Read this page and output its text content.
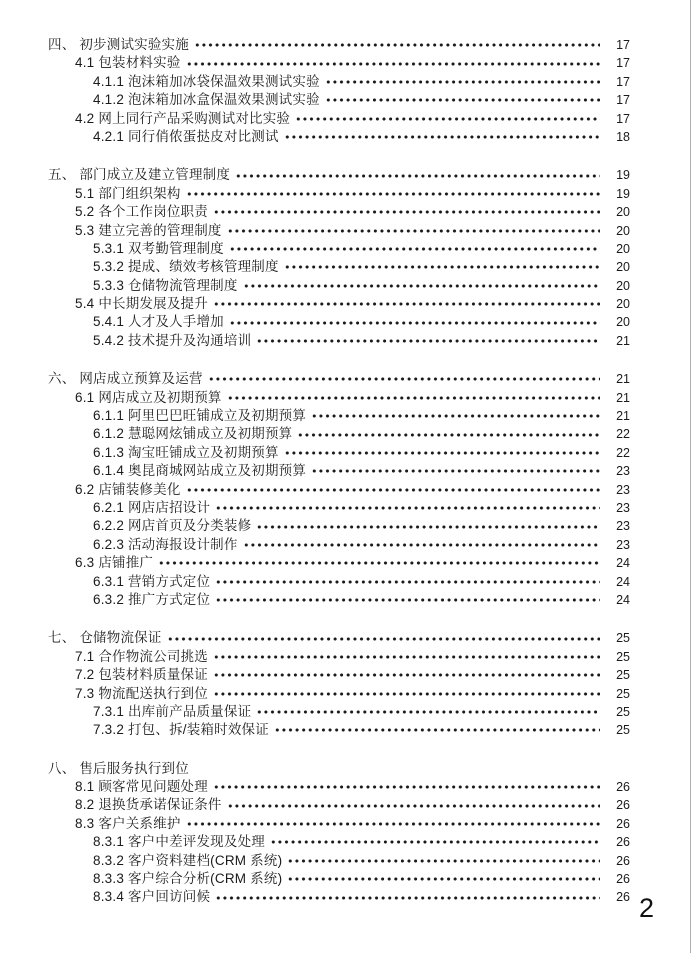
四、 初步测试实验实施	17
4.1 包装材料实验	17
4.1.1 泡沫箱加冰袋保温效果测试实验	17
4.1.2 泡沫箱加冰盒保温效果测试实验	17
4.2 网上同行产品采购测试对比实验	17
4.2.1 同行俏侬蛋挞皮对比测试	18
五、 部门成立及建立管理制度	19
5.1 部门组织架构	19
5.2 各个工作岗位职责	20
5.3 建立完善的管理制度	20
5.3.1 双考勤管理制度	20
5.3.2 提成、绩效考核管理制度	20
5.3.3 仓储物流管理制度	20
5.4 中长期发展及提升	20
5.4.1 人才及人手增加	20
5.4.2 技术提升及沟通培训	21
六、 网店成立预算及运营	21
6.1 网店成立及初期预算	21
6.1.1 阿里巴巴旺铺成立及初期预算	21
6.1.2 慧聪网炫铺成立及初期预算	22
6.1.3 淘宝旺铺成立及初期预算	22
6.1.4 奥昆商城网站成立及初期预算	23
6.2 店铺装修美化	23
6.2.1 网店店招设计	23
6.2.2 网店首页及分类装修	23
6.2.3 活动海报设计制作	23
6.3 店铺推广	24
6.3.1 营销方式定位	24
6.3.2 推广方式定位	24
七、 仓储物流保证	25
7.1 合作物流公司挑选	25
7.2 包装材料质量保证	25
7.3 物流配送执行到位	25
7.3.1 出库前产品质量保证	25
7.3.2 打包、拆/装箱时效保证	25
八、 售后服务执行到位
8.1 顾客常见问题处理	26
8.2 退换货承诺保证条件	26
8.3 客户关系维护	26
8.3.1 客户中差评发现及处理	26
8.3.2 客户资料建档(CRM 系统)	26
8.3.3 客户综合分析(CRM 系统)	26
8.3.4 客户回访问候	26 2
